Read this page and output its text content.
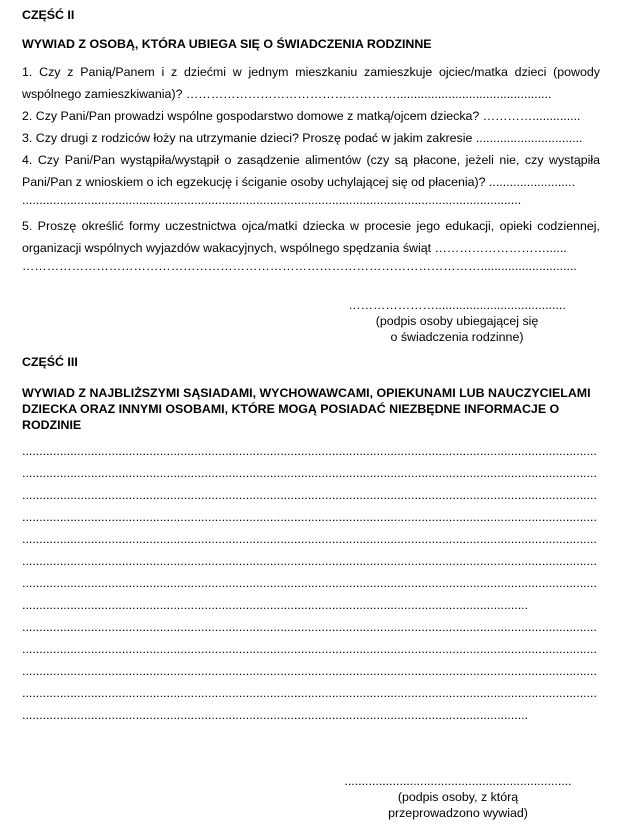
CZĘŚĆ II
WYWIAD Z OSOBĄ, KTÓRA UBIEGA SIĘ O ŚWIADCZENIA RODZINNE
1. Czy z Panią/Panem i z dziećmi w jednym mieszkaniu zamieszkuje ojciec/matka dzieci (powody wspólnego zamieszkiwania)? …………………………………………….............................................
2. Czy Pani/Pan prowadzi wspólne gospodarstwo domowe z matką/ojcem dziecka? …………..............
3. Czy drugi z rodziców łoży na utrzymanie dzieci? Proszę podać w jakim zakresie ...............................
4. Czy Pani/Pan wystąpiła/wystąpił o zasądzenie alimentów (czy są płacone, jeżeli nie, czy wystąpiła Pani/Pan z wnioskiem o ich egzekucję i ściganie osoby uchylającej się od płacenia)? .........................
.................................................................................................................................................
5. Proszę określić formy uczestnictwa ojca/matki dziecka w procesie jego edukacji, opieki codziennej, organizacji wspólnych wyjazdów wakacyjnych, wspólnego spędzania świąt ………………………......
…………………………………………………………………………………………………............................
…………………......................................
(podpis osoby ubiegającej się
o świadczenia rodzinne)
CZĘŚĆ III
WYWIAD Z NAJBLIŻSZYMI SĄSIADAMI, WYCHOWAWCAMI, OPIEKUNAMI LUB NAUCZYCIELAMI DZIECKA ORAZ INNYMI OSOBAMI, KTÓRE MOGĄ POSIADAĆ NIEZBĘDNE INFORMACJE O RODZINIE
.......................................................................................................................................................................
.......................................................................................................................................................................
.......................................................................................................................................................................
.......................................................................................................................................................................
.......................................................................................................................................................................
.......................................................................................................................................................................
.......................................................................................................................................................................
...................................................................................................................................................
.......................................................................................................................................................................
.......................................................................................................................................................................
.......................................................................................................................................................................
.......................................................................................................................................................................
...................................................................................................................................................
..................................................................
(podpis osoby, z którą
przeprowadzono wywiad)
